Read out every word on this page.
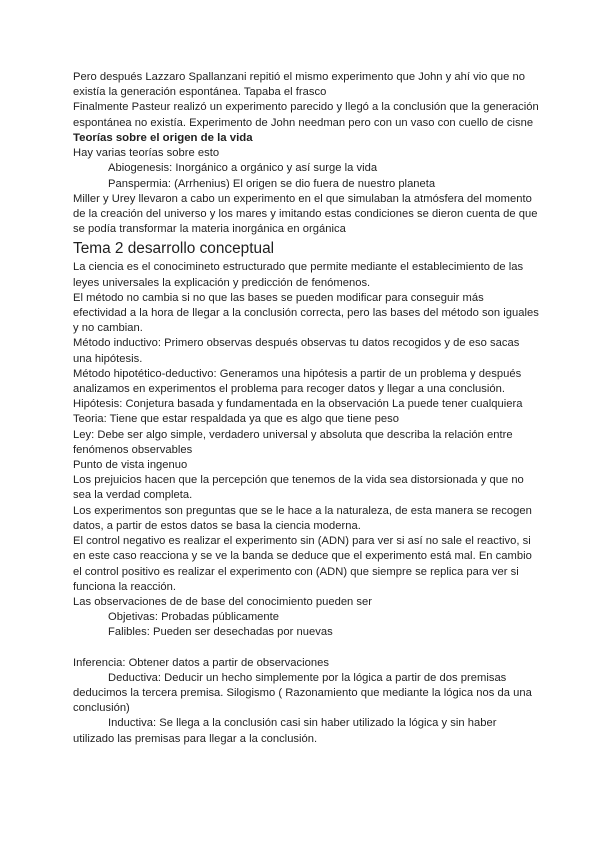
Pero después Lazzaro Spallanzani repitió el mismo experimento que John y ahí vio que no existía la generación espontánea. Tapaba el frasco

Finalmente Pasteur realizó un experimento parecido y llegó a la conclusión que la generación espontánea no existía. Experimento de John needman pero con un vaso con cuello de cisne

Teorías sobre el origen de la vida

Hay varias teorías sobre esto

Abiogenesis: Inorgánico a orgánico y así surge la vida

Panspermia: (Arrhenius) El origen se dio fuera de nuestro planeta

Miller y Urey llevaron a cabo un experimento en el que simulaban la atmósfera del momento de la creación del universo y los mares y imitando estas condiciones se dieron cuenta de que se podía transformar la materia inorgánica en orgánica

Tema 2 desarrollo conceptual

La ciencia es el conocimineto estructurado que permite mediante el establecimiento de las leyes universales la explicación y predicción de fenómenos.

El método no cambia si no que las bases se pueden modificar para conseguir más efectividad a la hora de llegar a la conclusión correcta, pero las bases del método son iguales y no cambian.

Método inductivo: Primero observas después observas tu datos recogidos y de eso sacas una hipótesis.

Método hipotético-deductivo: Generamos una hipótesis a partir de un problema y después analizamos en experimentos el problema para recoger datos y llegar a una conclusión.

Hipótesis: Conjetura basada y fundamentada en la observación La puede tener cualquiera

Teoria: Tiene que estar respaldada ya que es algo que tiene peso

Ley: Debe ser algo simple, verdadero universal y absoluta que describa la relación entre fenómenos observables

Punto de vista ingenuo

Los prejuicios hacen que la percepción que tenemos de la vida sea distorsionada y que no sea la verdad completa.

Los experimentos son preguntas que se le hace a la naturaleza, de esta manera se recogen datos, a partir de estos datos se basa la ciencia moderna.

El control negativo es realizar el experimento sin (ADN) para ver si así no sale el reactivo, si en este caso reacciona y se ve la banda se deduce que el experimento está mal. En cambio el control positivo es realizar el experimento con (ADN) que siempre se replica para ver si funciona la reacción.

Las observaciones de de base del conocimiento pueden ser

Objetivas: Probadas públicamente

Falibles: Pueden ser desechadas por nuevas

Inferencia: Obtener datos a partir de observaciones

Deductiva: Deducir un hecho simplemente por la lógica a partir de dos premisas deducimos la tercera premisa. Silogismo ( Razonamiento que mediante la lógica nos da una conclusión)

Inductiva: Se llega a la conclusión casi sin haber utilizado la lógica y sin haber utilizado las premisas para llegar a la conclusión.
